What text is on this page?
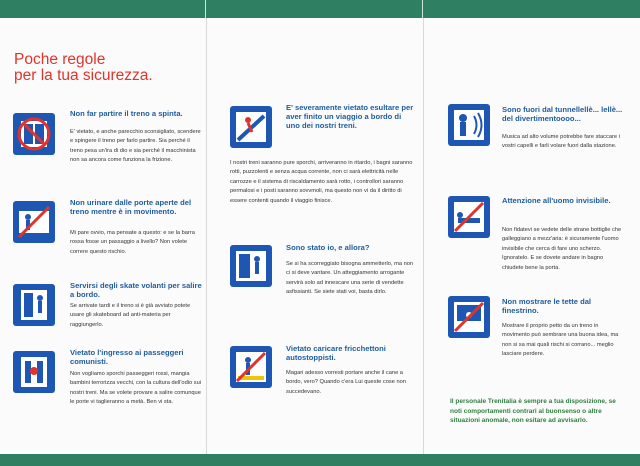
Poche regole
per la tua sicurezza.
Non far partire il treno a spinta.
E' vietato, e anche parecchio sconsigliato, scendere e spingere il treno per farlo partire. Sia perché il treno pesa un'ira di dio e sia perché il macchinista non sa ancora come funziona la frizione.
Non urinare dalle porte aperte del treno mentre è in movimento.
Mi pare ovvio, ma pensate a questo: e se la barra rossa fosse un passaggio a livello? Non volete correre questo rischio.
Servirsi degli skate volanti per salire a bordo.
Se arrivate tardi e il treno si è già avviato potete usare gli skateboard ad anti-materia per raggiungerlo.
Vietato l'ingresso ai passeggeri comunisti.
Non vogliamo sporchi passeggeri rossi, mangia bambini terrorizza vecchi, con la cultura dell'odio sui nostri treni. Ma se volete provare a salire comunque le porte vi taglieranno a metà. Ben vi sta.
E' severamente vietato esultare per aver finito un viaggio a bordo di uno dei nostri treni.
I nostri treni saranno pure sporchi, arriveranno in ritardo, i bagni saranno rotti, puzzolenti e senza acqua corrente, non ci sarà elettricità nelle carrozze e il sistema di riscaldamento sarà rotto, i controllori saranno permalosi e i posti saranno sovvmoli, ma questo non vi da il diritto di essere contenti quando il viaggio finisce.
Sono stato io, e allora?
Se si ha scorreggiato bisogna ammetterlo, ma non ci si deve vantare. Un atteggiamento arrogante servirà solo ad innescare una serie di vendette asfissianti. Se siete stati voi, basta dirlo.
Vietato caricare fricchettoni autostoppisti.
Magari adesso vorresti portare anche il cane a bordo, vero? Quando c'era Lui queste cose non succedevano.
Sono fuori dal tunnellellè... lellè... del divertimentoooo...
Musica ad alto volume potrebbe fare staccare i vostri capelli e farli volare fuori dalla stazione.
Attenzione all'uomo invisibile.
Non fidatevi se vedete delle strane bottiglie che galleggiano a mezz'aria: è sicuramente l'uomo invisibile che cerca di fare uno scherzo. Ignoratelo. E se dovete andare in bagno chiudete bene la porta.
Non mostrare le tette dal finestrino.
Mostrare il proprio petto da un treno in movimento può sembrare una buona idea, ma non si sa mai quali rischi si corrano... meglio lasciare perdere.
Il personale Trenitalia è sempre a tua disposizione, se noti comportamenti contrari al buonsenso o altre situazioni anomale, non esitare ad avvisarlo.
